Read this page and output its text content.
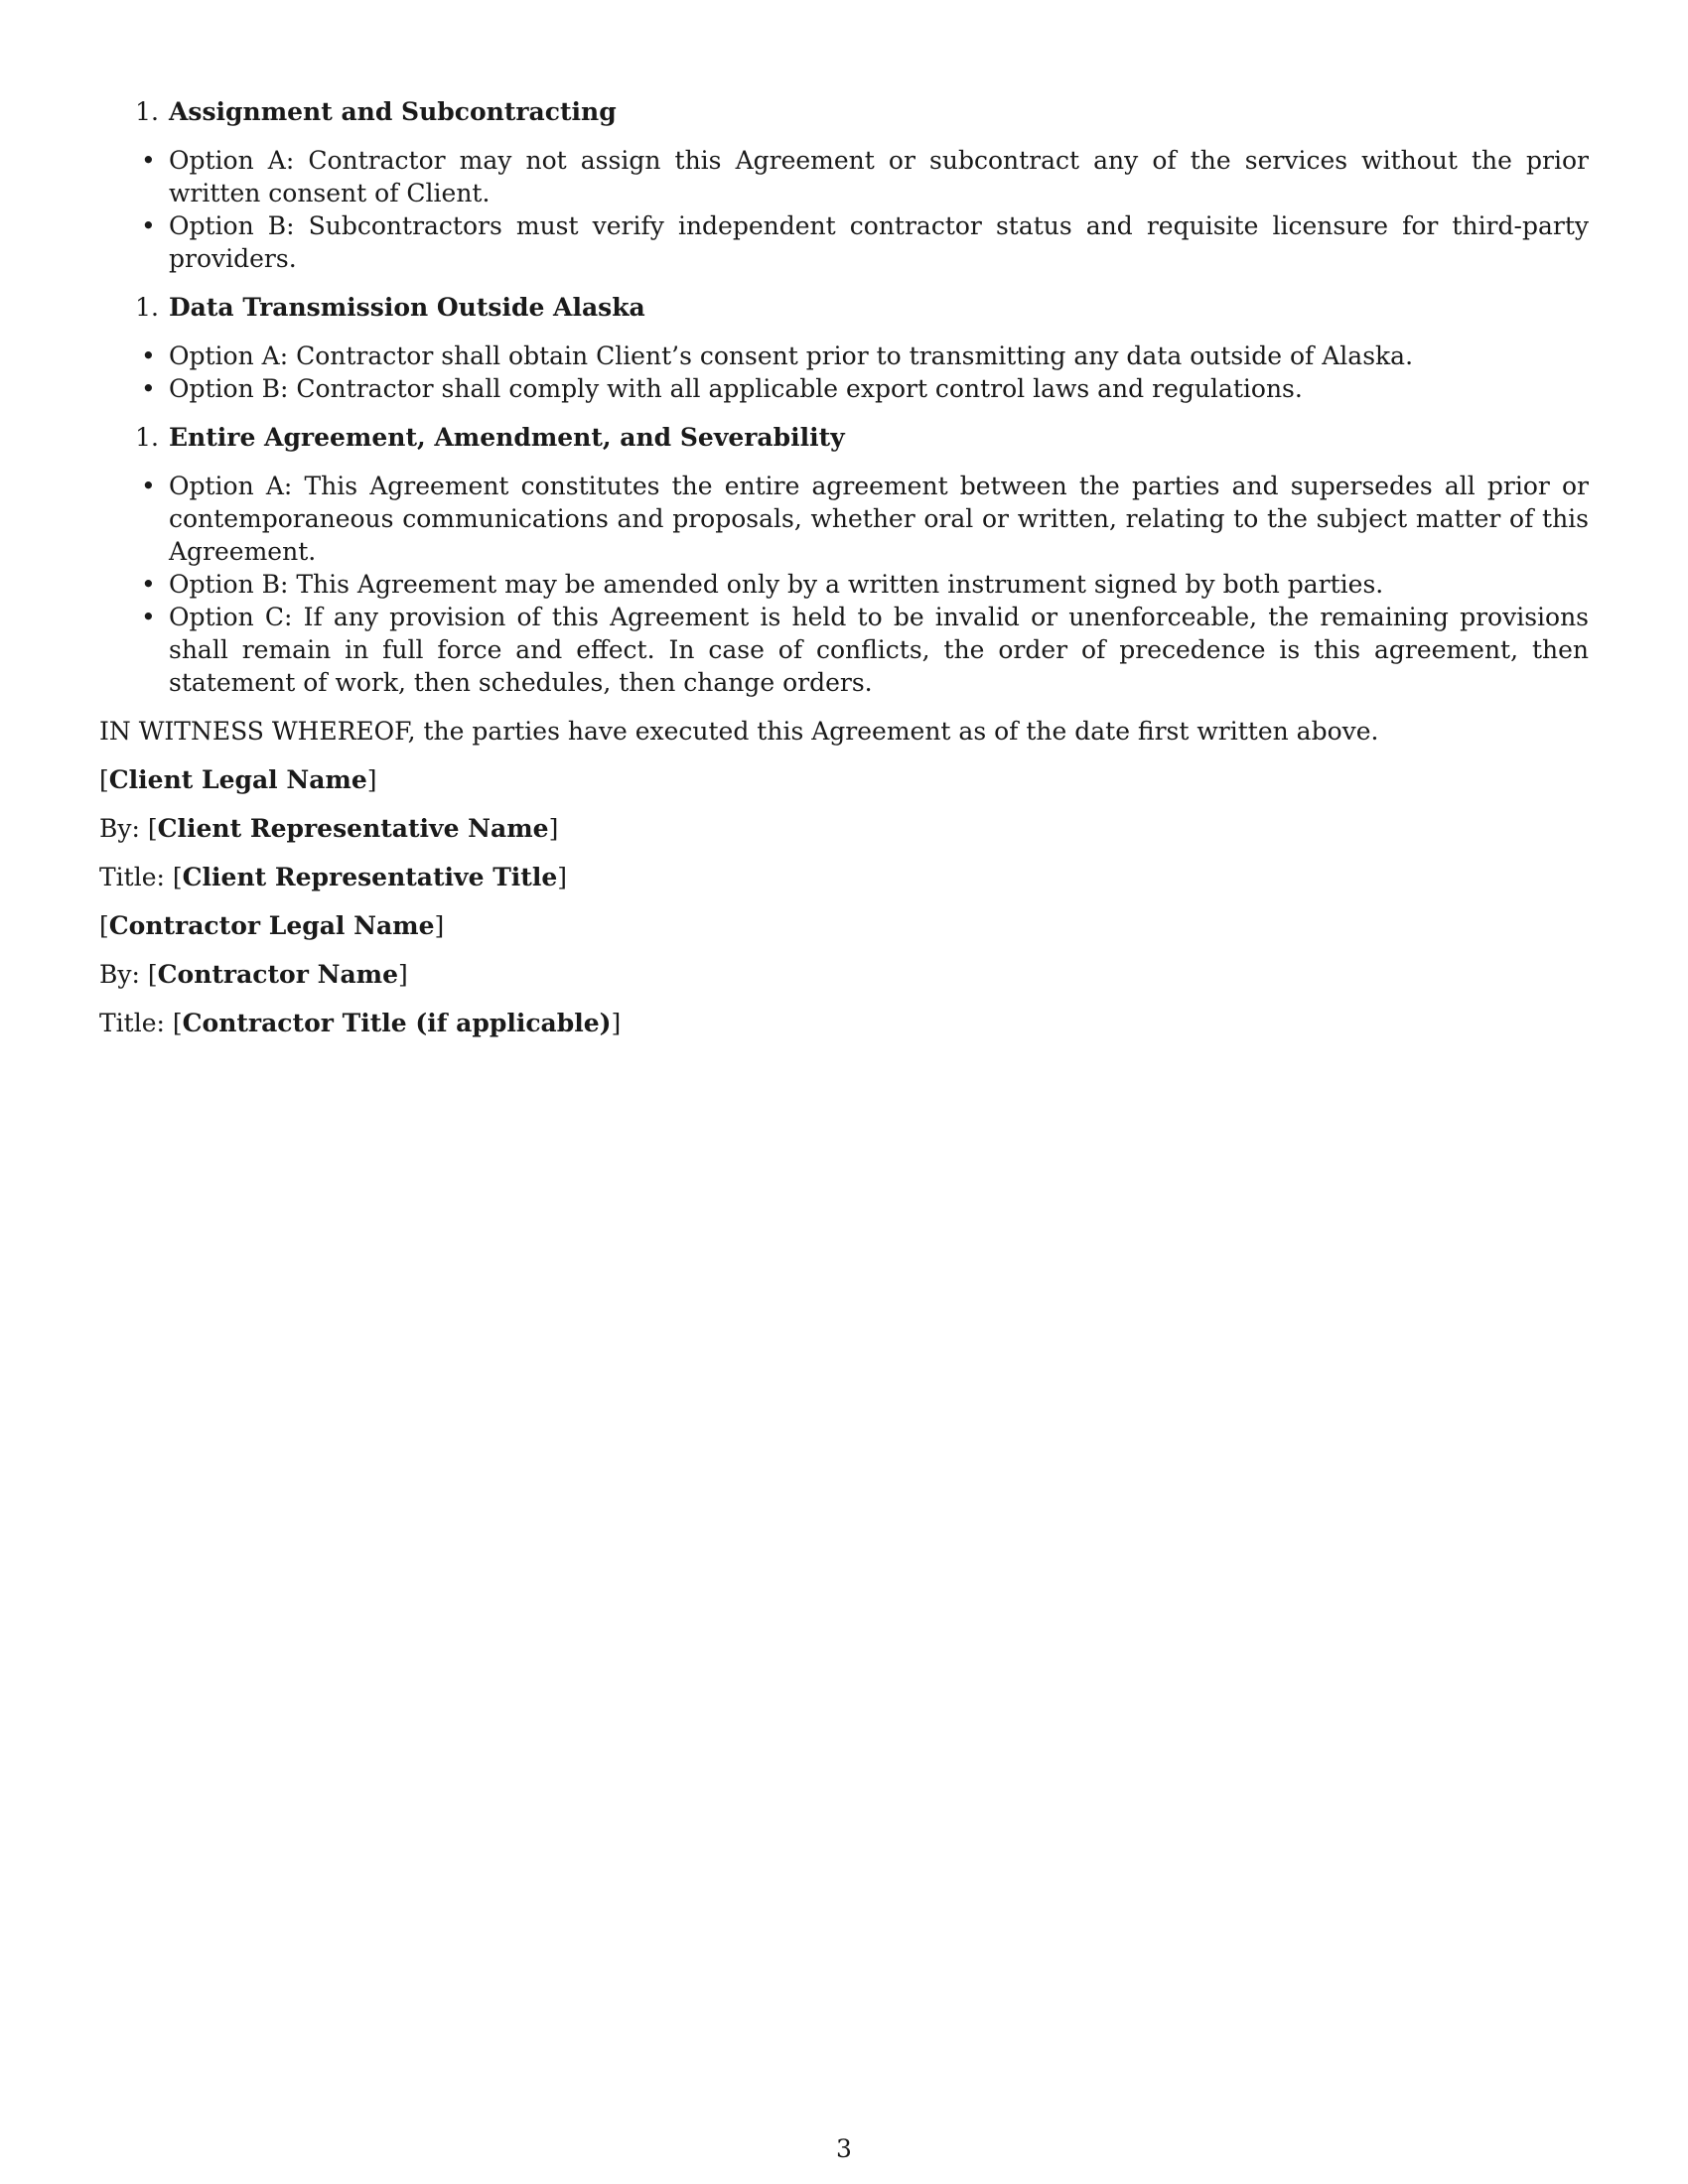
1. Assignment and Subcontracting
• Option A: Contractor may not assign this Agreement or subcontract any of the services without the prior written consent of Client.
• Option B: Subcontractors must verify independent contractor status and requisite licensure for third-party providers.
1. Data Transmission Outside Alaska
• Option A: Contractor shall obtain Client’s consent prior to transmitting any data outside of Alaska.
• Option B: Contractor shall comply with all applicable export control laws and regulations.
1. Entire Agreement, Amendment, and Severability
• Option A: This Agreement constitutes the entire agreement between the parties and supersedes all prior or contemporaneous communications and proposals, whether oral or written, relating to the subject matter of this Agreement.
• Option B: This Agreement may be amended only by a written instrument signed by both parties.
• Option C: If any provision of this Agreement is held to be invalid or unenforceable, the remaining provisions shall remain in full force and effect. In case of conflicts, the order of precedence is this agreement, then statement of work, then schedules, then change orders.

IN WITNESS WHEREOF, the parties have executed this Agreement as of the date first written above.

[Client Legal Name]
By: [Client Representative Name]
Title: [Client Representative Title]
[Contractor Legal Name]
By: [Contractor Name]
Title: [Contractor Title (if applicable)]
3
